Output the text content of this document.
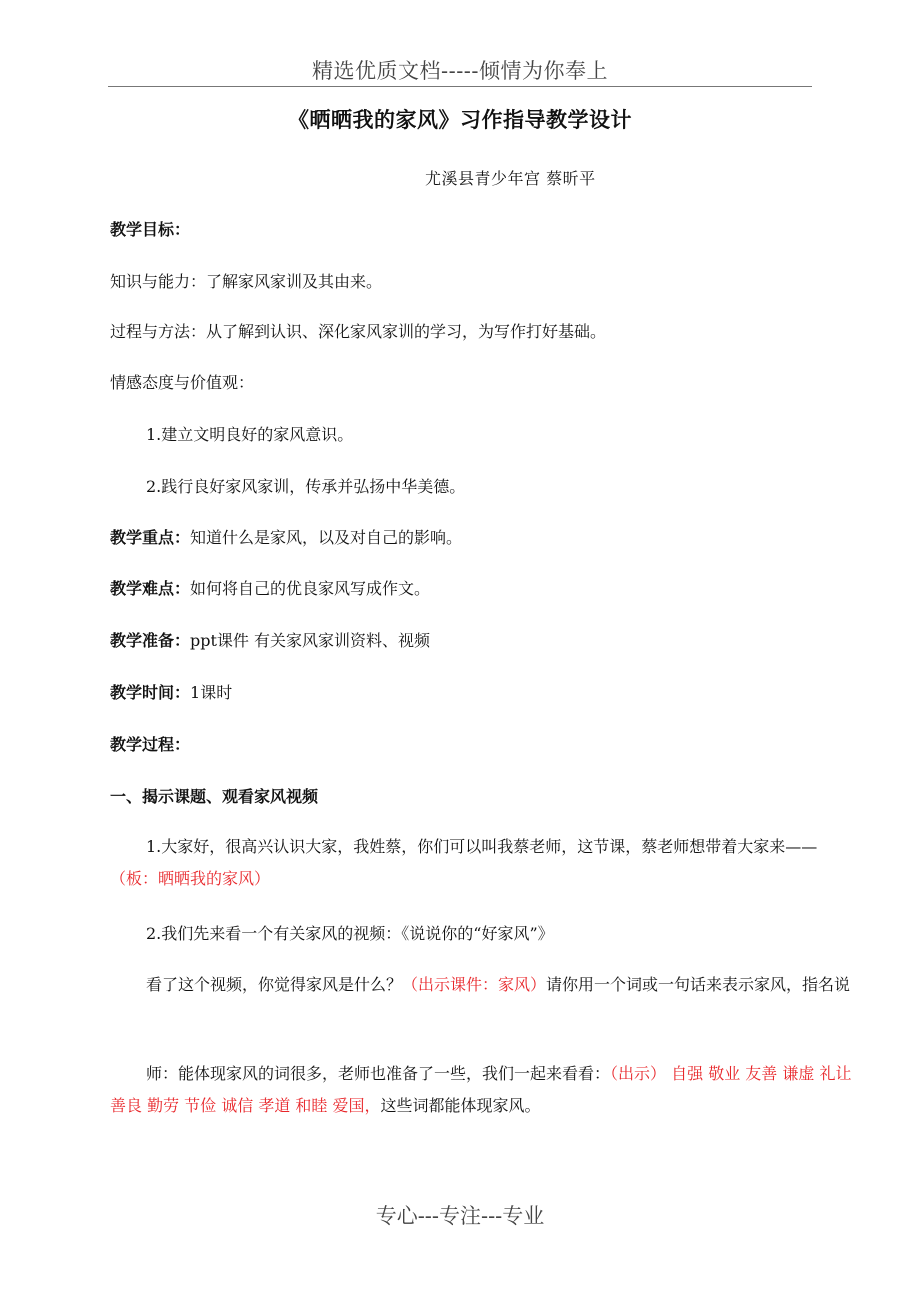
精选优质文档-----倾情为你奉上
《晒晒我的家风》习作指导教学设计
尤溪县青少年宫 蔡昕平
教学目标：
知识与能力：了解家风家训及其由来。
过程与方法：从了解到认识、深化家风家训的学习，为写作打好基础。
情感态度与价值观：
1.建立文明良好的家风意识。
2.践行良好家风家训，传承并弘扬中华美德。
教学重点：知道什么是家风，以及对自己的影响。
教学难点：如何将自己的优良家风写成作文。
教学准备：ppt课件 有关家风家训资料、视频
教学时间：1课时
教学过程：
一、揭示课题、观看家风视频
1.大家好，很高兴认识大家，我姓蔡，你们可以叫我蔡老师，这节课，蔡老师想带着大家来——（板：晒晒我的家风）
2.我们先来看一个有关家风的视频：《说说你的“好家风”》
看了这个视频，你觉得家风是什么？（出示课件：家风）请你用一个词或一句话来表示家风，指名说
师：能体现家风的词很多，老师也准备了一些，我们一起来看看：（出示） 自强 敬业 友善 谦虚 礼让 善良 勤劳 节俭 诚信 孝道 和睦 爱国，这些词都能体现家风。
专心---专注---专业
